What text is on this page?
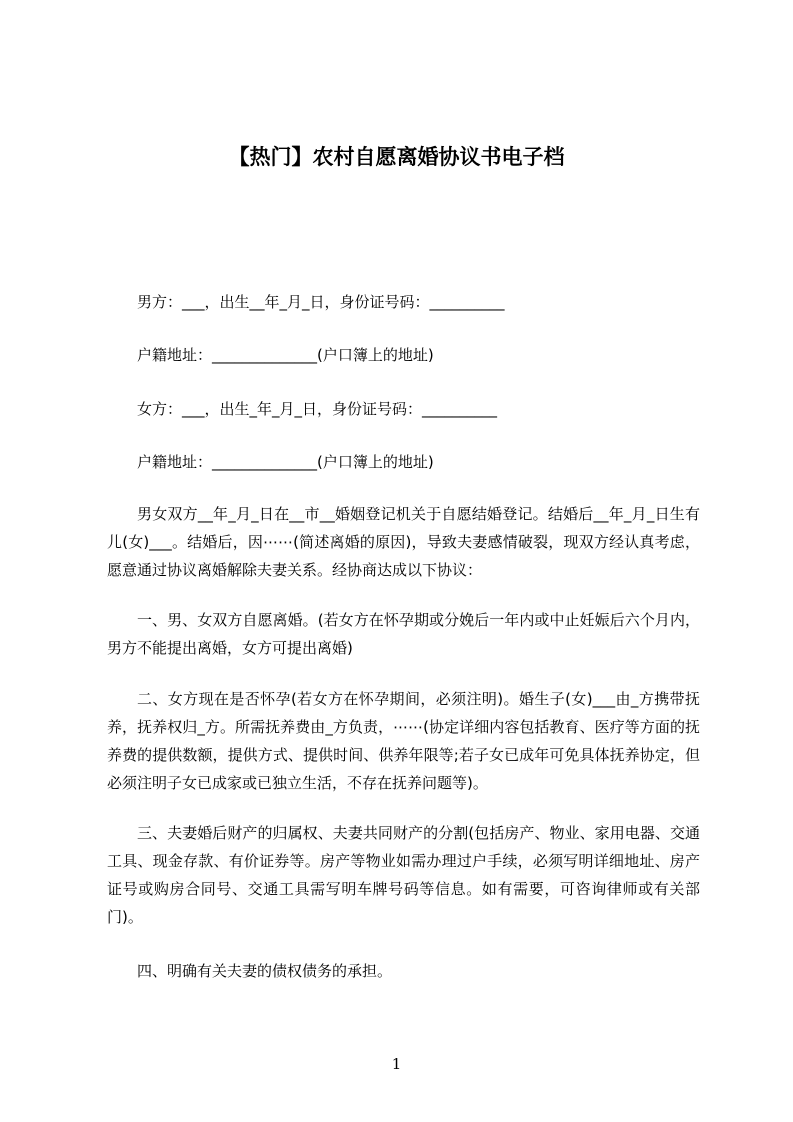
【热门】农村自愿离婚协议书电子档
男方：___，出生__年_月_日，身份证号码：__________
户籍地址：______________(户口簿上的地址)
女方：___，出生_年_月_日，身份证号码：__________
户籍地址：______________(户口簿上的地址)

男女双方__年_月_日在__市__婚姻登记机关于自愿结婚登记。结婚后__年_月_日生有儿(女)___。结婚后，因⋯⋯(简述离婚的原因)，导致夫妻感情破裂，现双方经认真考虑，愿意通过协议离婚解除夫妻关系。经协商达成以下协议：

一、男、女双方自愿离婚。(若女方在怀孕期或分娩后一年内或中止妊娠后六个月内，男方不能提出离婚，女方可提出离婚)

二、女方现在是否怀孕(若女方在怀孕期间，必须注明)。婚生子(女)___由_方携带抚养，抚养权归_方。所需抚养费由_方负责，⋯⋯(协定详细内容包括教育、医疗等方面的抚养费的提供数额，提供方式、提供时间、供养年限等;若子女已成年可免具体抚养协定，但必须注明子女已成家或已独立生活，不存在抚养问题等)。

三、夫妻婚后财产的归属权、夫妻共同财产的分割(包括房产、物业、家用电器、交通工具、现金存款、有价证券等。房产等物业如需办理过户手续，必须写明详细地址、房产证号或购房合同号、交通工具需写明车牌号码等信息。如有需要，可咨询律师或有关部门)。

四、明确有关夫妻的债权债务的承担。

1
